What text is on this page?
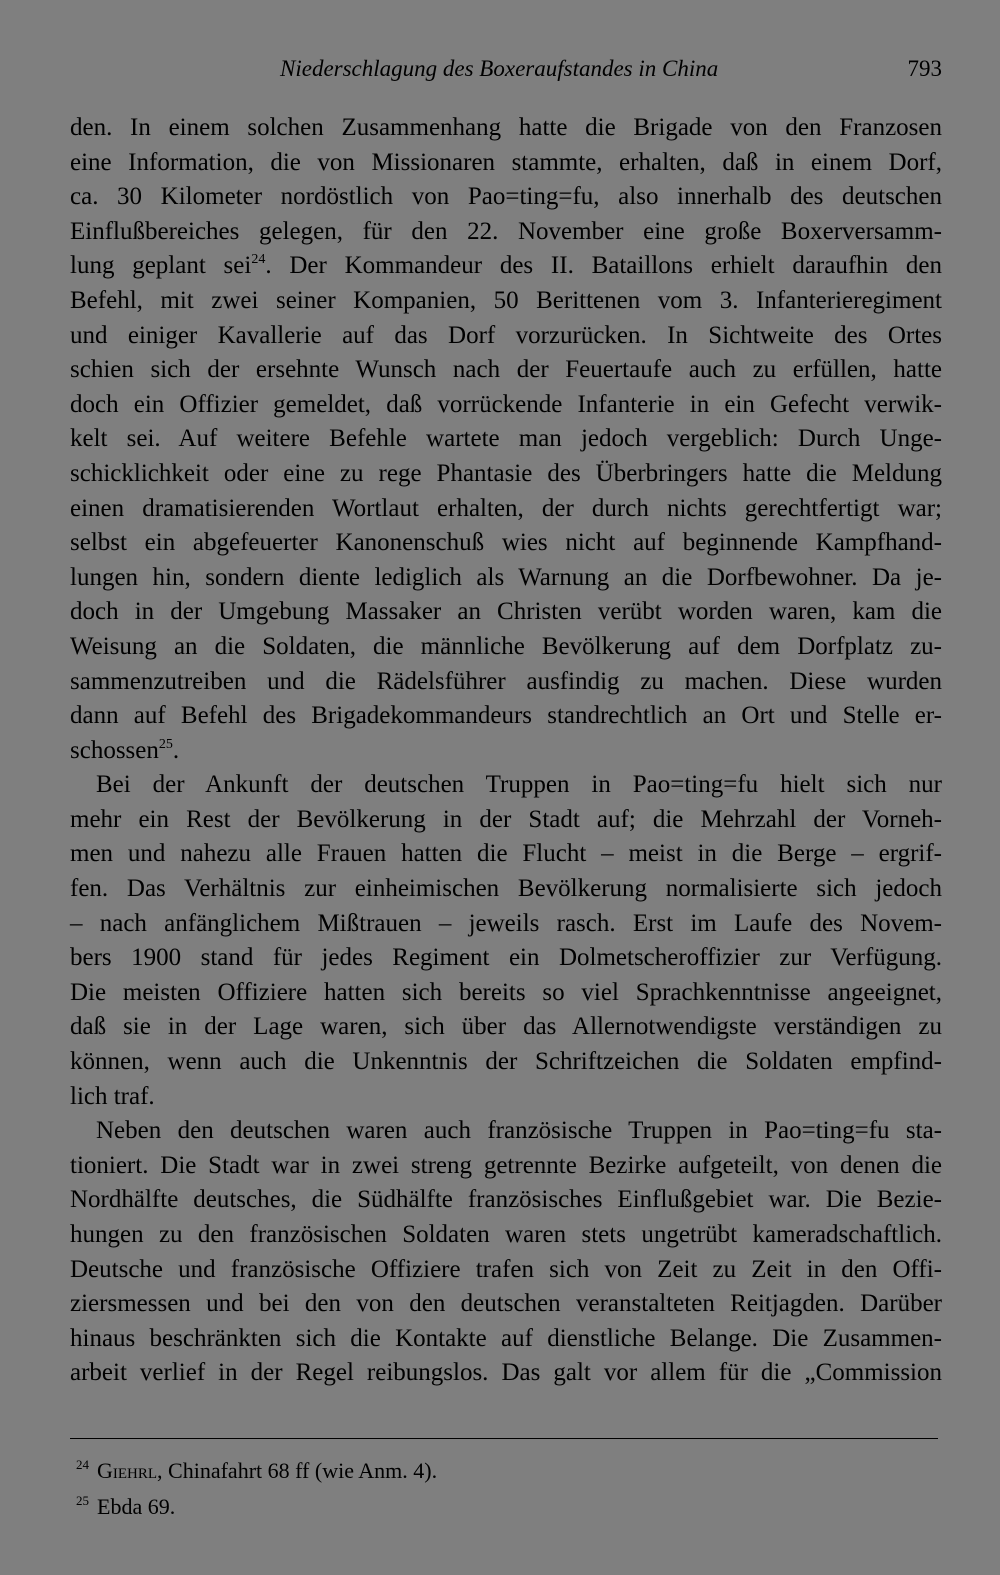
Niederschlagung des Boxeraufstandes in China	793
den. In einem solchen Zusammenhang hatte die Brigade von den Franzosen
eine Information, die von Missionaren stammte, erhalten, daß in einem Dorf,
ca. 30 Kilometer nordöstlich von Pao=ting=fu, also innerhalb des deutschen
Einflußbereiches gelegen, für den 22. November eine große Boxerversamm-
lung geplant sei$^{24}$. Der Kommandeur des II. Bataillons erhielt daraufhin den
Befehl, mit zwei seiner Kompanien, 50 Berittenen vom 3. Infanterieregiment
und einiger Kavallerie auf das Dorf vorzurücken. In Sichtweite des Ortes
schien sich der ersehnte Wunsch nach der Feuertaufe auch zu erfüllen, hatte
doch ein Offizier gemeldet, daß vorrückende Infanterie in ein Gefecht verwik-
kelt sei. Auf weitere Befehle wartete man jedoch vergeblich: Durch Unge-
schicklichkeit oder eine zu rege Phantasie des Überbringers hatte die Meldung
einen dramatisierenden Wortlaut erhalten, der durch nichts gerechtfertigt war;
selbst ein abgefeuerter Kanonenschuß wies nicht auf beginnende Kampfhand-
lungen hin, sondern diente lediglich als Warnung an die Dorfbewohner. Da je-
doch in der Umgebung Massaker an Christen verübt worden waren, kam die
Weisung an die Soldaten, die männliche Bevölkerung auf dem Dorfplatz zu-
sammenzutreiben und die Rädelsführer ausfindig zu machen. Diese wurden
dann auf Befehl des Brigadekommandeurs standrechtlich an Ort und Stelle er-
schossen$^{25}$.
Bei der Ankunft der deutschen Truppen in Pao=ting=fu hielt sich nur
mehr ein Rest der Bevölkerung in der Stadt auf; die Mehrzahl der Vorneh-
men und nahezu alle Frauen hatten die Flucht – meist in die Berge – ergrif-
fen. Das Verhältnis zur einheimischen Bevölkerung normalisierte sich jedoch
– nach anfänglichem Mißtrauen – jeweils rasch. Erst im Laufe des Novem-
bers 1900 stand für jedes Regiment ein Dolmetscheroffizier zur Verfügung.
Die meisten Offiziere hatten sich bereits so viel Sprachkenntnisse angeeignet,
daß sie in der Lage waren, sich über das Allernotwendigste verständigen zu
können, wenn auch die Unkenntnis der Schriftzeichen die Soldaten empfind-
lich traf.
Neben den deutschen waren auch französische Truppen in Pao=ting=fu sta-
tioniert. Die Stadt war in zwei streng getrennte Bezirke aufgeteilt, von denen die
Nordhälfte deutsches, die Südhälfte französisches Einflußgebiet war. Die Bezie-
hungen zu den französischen Soldaten waren stets ungetrübt kameradschaftlich.
Deutsche und französische Offiziere trafen sich von Zeit zu Zeit in den Offi-
ziersmessen und bei den von den deutschen veranstalteten Reitjagden. Darüber
hinaus beschränkten sich die Kontakte auf dienstliche Belange. Die Zusammen-
arbeit verlief in der Regel reibungslos. Das galt vor allem für die „Commission
$^{24}$ Giehrl, Chinafahrt 68 ff (wie Anm. 4).
$^{25}$ Ebda 69.
